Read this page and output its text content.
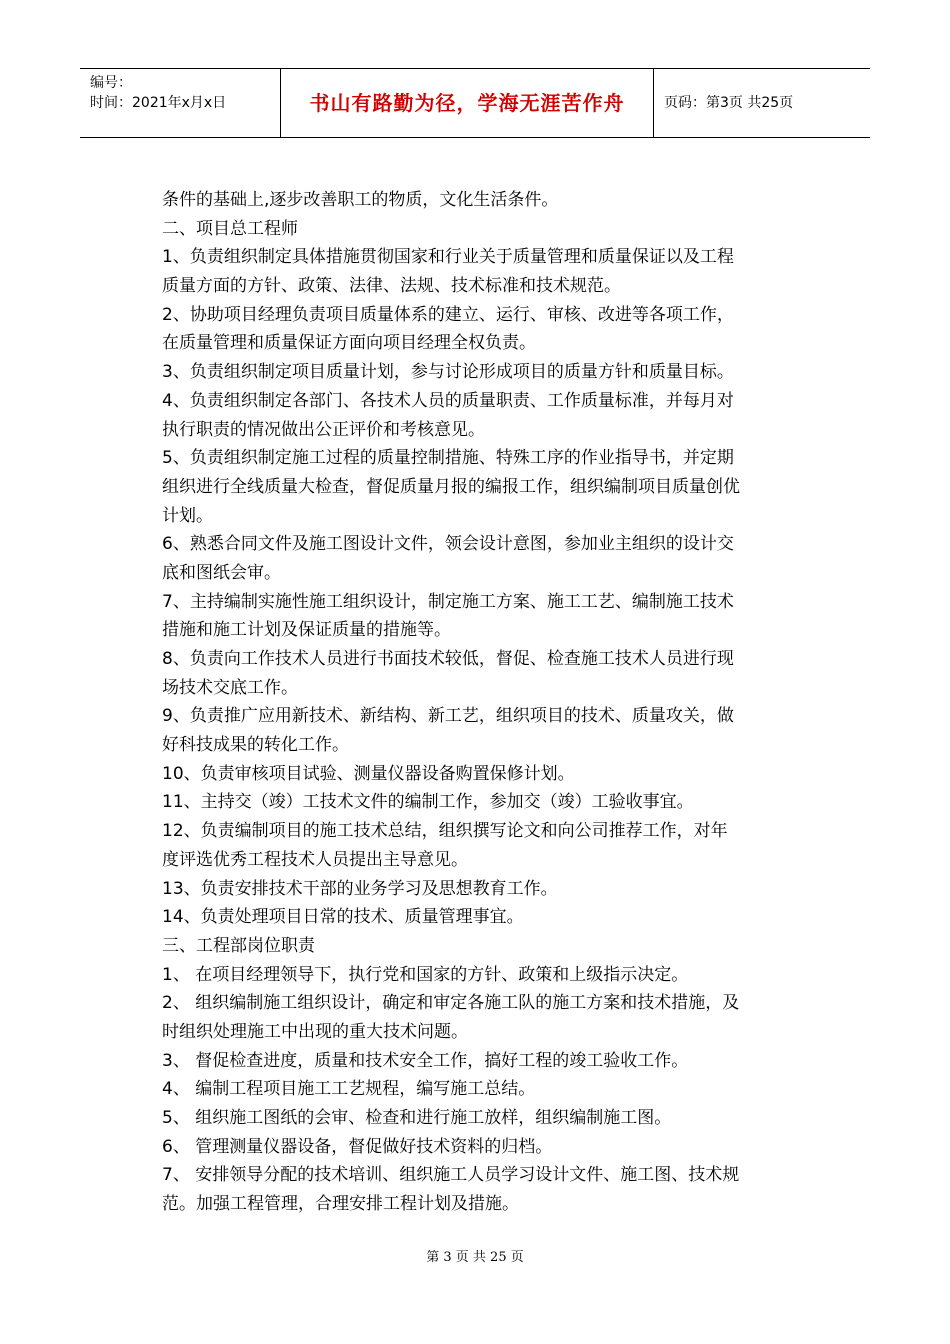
编号：
时间：2021年x月x日	书山有路勤为径，学海无涯苦作舟	页码：第3页 共25页
条件的基础上,逐步改善职工的物质，文化生活条件。
二、项目总工程师
1、负责组织制定具体措施贯彻国家和行业关于质量管理和质量保证以及工程
质量方面的方针、政策、法律、法规、技术标准和技术规范。
2、协助项目经理负责项目质量体系的建立、运行、审核、改进等各项工作，
在质量管理和质量保证方面向项目经理全权负责。
3、负责组织制定项目质量计划，参与讨论形成项目的质量方针和质量目标。
4、负责组织制定各部门、各技术人员的质量职责、工作质量标准，并每月对
执行职责的情况做出公正评价和考核意见。
5、负责组织制定施工过程的质量控制措施、特殊工序的作业指导书，并定期
组织进行全线质量大检查，督促质量月报的编报工作，组织编制项目质量创优
计划。
6、熟悉合同文件及施工图设计文件，领会设计意图，参加业主组织的设计交
底和图纸会审。
7、主持编制实施性施工组织设计，制定施工方案、施工工艺、编制施工技术
措施和施工计划及保证质量的措施等。
8、负责向工作技术人员进行书面技术较低，督促、检查施工技术人员进行现
场技术交底工作。
9、负责推广应用新技术、新结构、新工艺，组织项目的技术、质量攻关，做
好科技成果的转化工作。
10、负责审核项目试验、测量仪器设备购置保修计划。
11、主持交（竣）工技术文件的编制工作，参加交（竣）工验收事宜。
12、负责编制项目的施工技术总结，组织撰写论文和向公司推荐工作，对年
度评选优秀工程技术人员提出主导意见。
13、负责安排技术干部的业务学习及思想教育工作。
14、负责处理项目日常的技术、质量管理事宜。
三、工程部岗位职责
1、 在项目经理领导下，执行党和国家的方针、政策和上级指示决定。
2、 组织编制施工组织设计，确定和审定各施工队的施工方案和技术措施，及
时组织处理施工中出现的重大技术问题。
3、 督促检查进度，质量和技术安全工作，搞好工程的竣工验收工作。
4、 编制工程项目施工工艺规程，编写施工总结。
5、 组织施工图纸的会审、检查和进行施工放样，组织编制施工图。
6、 管理测量仪器设备，督促做好技术资料的归档。
7、 安排领导分配的技术培训、组织施工人员学习设计文件、施工图、技术规
范。加强工程管理，合理安排工程计划及措施。
第 3 页 共 25 页
